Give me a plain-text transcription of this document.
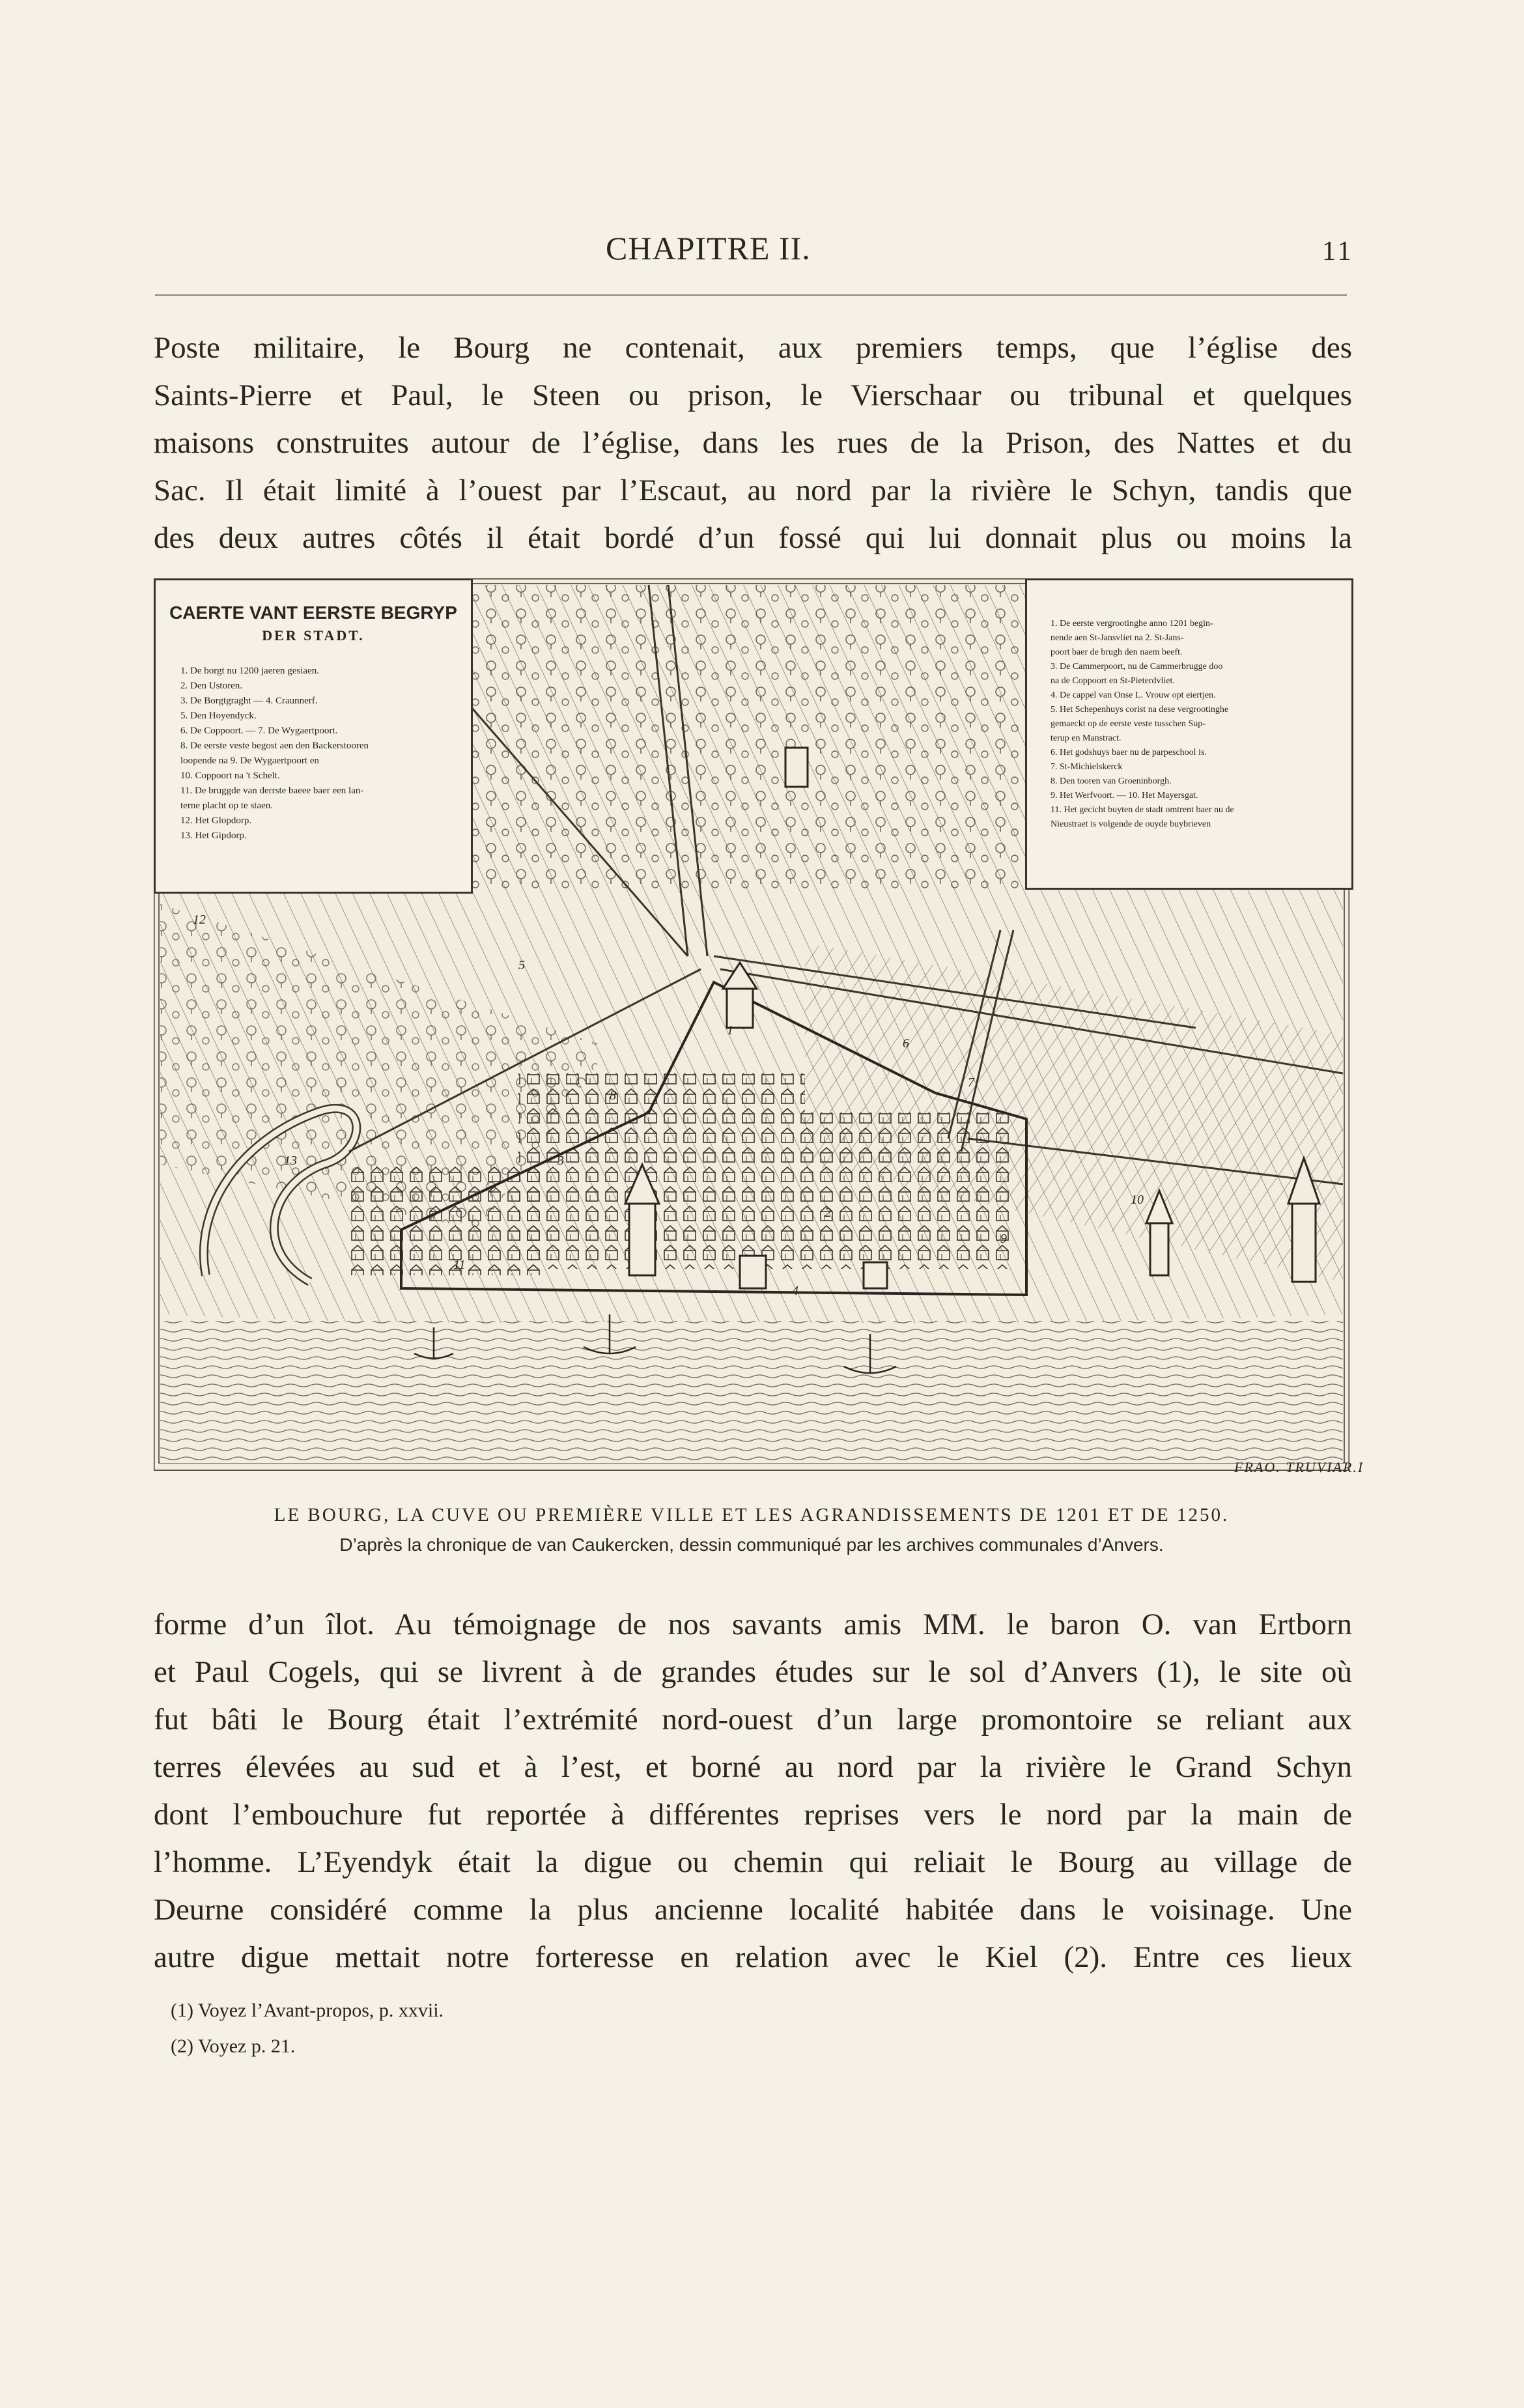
CHAPITRE II.	11
Poste militaire, le Bourg ne contenait, aux premiers temps, que l’église des
Saints-Pierre et Paul, le Steen ou prison, le Vierschaar ou tribunal et quelques
maisons construites autour de l’église, dans les rues de la Prison, des Nattes et du
Sac. Il était limité à l’ouest par l’Escaut, au nord par la rivière le Schyn, tandis que
des deux autres côtés il était bordé d’un fossé qui lui donnait plus ou moins la
1
2
3
4
5
6
7
8
9
10
11
12
13
CAERTE VANT EERSTE BEGRYP
DER STADT.
1. De borgt nu 1200 jaeren gesiaen.
2. Den Ustoren.
3. De Borgtgraght — 4. Craunnerf.
5. Den Hoyendyck.
6. De Coppoort. — 7. De Wygaertpoort.
8. De eerste veste begost aen den Backerstooren
loopende na 9. De Wygaertpoort en
10. Coppoort na 't Schelt.
11. De bruggde van derrste baeee baer een lan-
terne placht op te staen.
12. Het Glopdorp.
13. Het Gipdorp.
1. De eerste vergrootinghe anno 1201 begin-
nende aen St-Jansvliet na 2. St-Jans-
poort baer de brugh den naem beeft.
3. De Cammerpoort, nu de Cammerbrugge doo
na de Coppoort en St-Pieterdvliet.
4. De cappel van Onse L. Vrouw opt eiertjen.
5. Het Schepenhuys corist na dese vergrootinghe
gemaeckt op de eerste veste tusschen Sup-
terup en Manstract.
6. Het godshuys baer nu de parpeschool is.
7. St-Michielskerck
8. Den tooren van Groeninborgh.
9. Het Werfvoort. — 10. Het Mayersgat.
11. Het gecicht buyten de stadt omtrent baer nu de
Nieustraet is volgende de ouyde buybrieven
FRAO. TRUVIAR.I
LE BOURG, LA CUVE OU PREMIÈRE VILLE ET LES AGRANDISSEMENTS DE 1201 ET DE 1250.
D’après la chronique de van Caukercken, dessin communiqué par les archives communales d’Anvers.
forme d’un îlot. Au témoignage de nos savants amis MM. le baron O. van Ertborn
et Paul Cogels, qui se livrent à de grandes études sur le sol d’Anvers (1), le site où
fut bâti le Bourg était l’extrémité nord-ouest d’un large promontoire se reliant aux
terres élevées au sud et à l’est, et borné au nord par la rivière le Grand Schyn
dont l’embouchure fut reportée à différentes reprises vers le nord par la main de
l’homme. L’Eyendyk était la digue ou chemin qui reliait le Bourg au village de
Deurne considéré comme la plus ancienne localité habitée dans le voisinage. Une
autre digue mettait notre forteresse en relation avec le Kiel (2). Entre ces lieux
(1) Voyez l’Avant-propos, p. xxvii.
(2) Voyez p. 21.
